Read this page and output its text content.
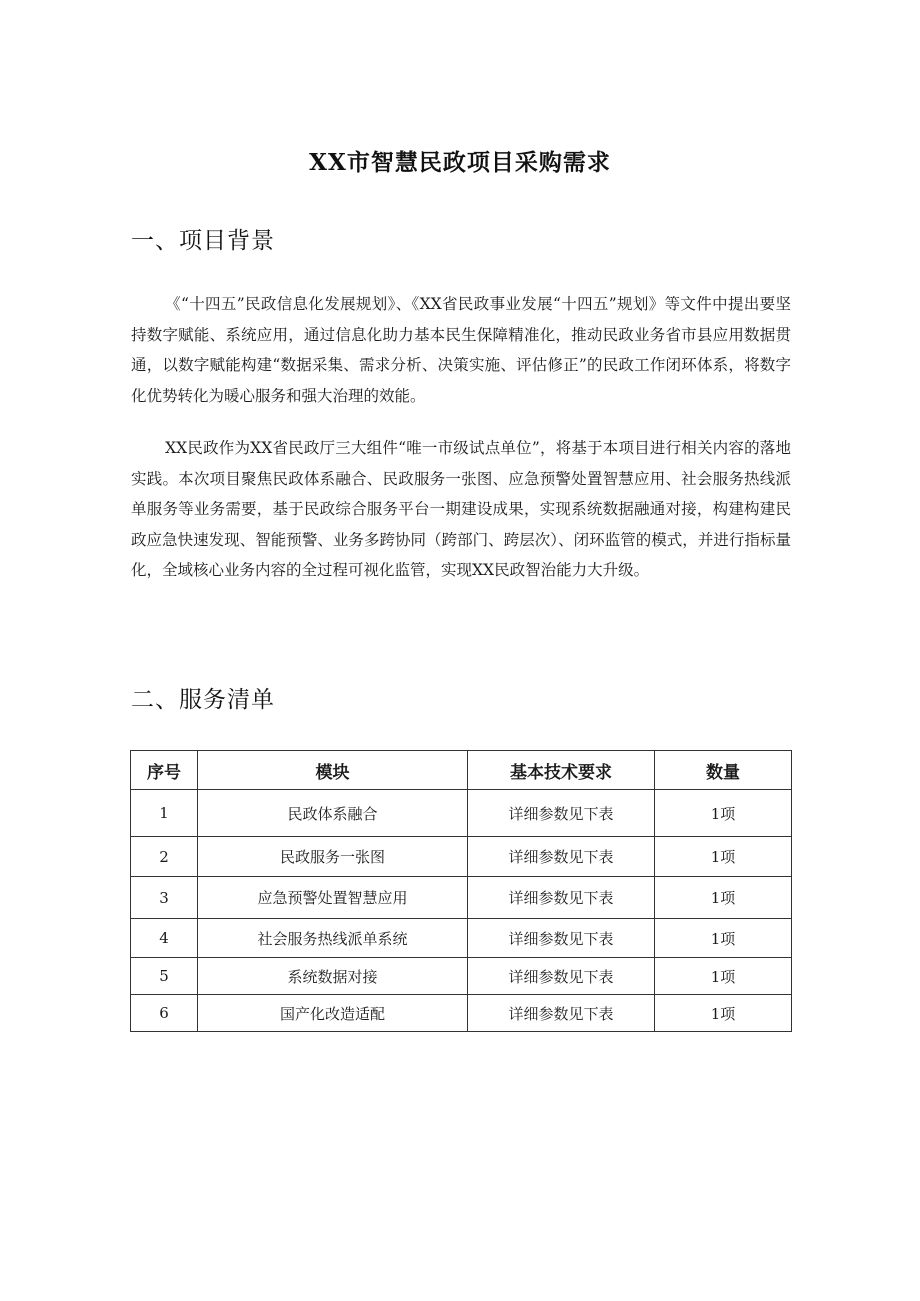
XX市智慧民政项目采购需求
一、项目背景

《“十四五”民政信息化发展规划》、《XX省民政事业发展“十四五”规划》等文件中提出要坚持数字赋能、系统应用，通过信息化助力基本民生保障精准化，推动民政业务省市县应用数据贯通，以数字赋能构建“数据采集、需求分析、决策实施、评估修正”的民政工作闭环体系，将数字化优势转化为暖心服务和强大治理的效能。

XX民政作为XX省民政厅三大组件“唯一市级试点单位”，将基于本项目进行相关内容的落地实践。本次项目聚焦民政体系融合、民政服务一张图、应急预警处置智慧应用、社会服务热线派单服务等业务需要，基于民政综合服务平台一期建设成果，实现系统数据融通对接，构建构建民政应急快速发现、智能预警、业务多跨协同（跨部门、跨层次）、闭环监管的模式，并进行指标量化，全域核心业务内容的全过程可视化监管，实现XX民政智治能力大升级。

二、服务清单
序号	模块	基本技术要求	数量
1	民政体系融合	详细参数见下表	1项
2	民政服务一张图	详细参数见下表	1项
3	应急预警处置智慧应用	详细参数见下表	1项
4	社会服务热线派单系统	详细参数见下表	1项
5	系统数据对接	详细参数见下表	1项
6	国产化改造适配	详细参数见下表	1项
